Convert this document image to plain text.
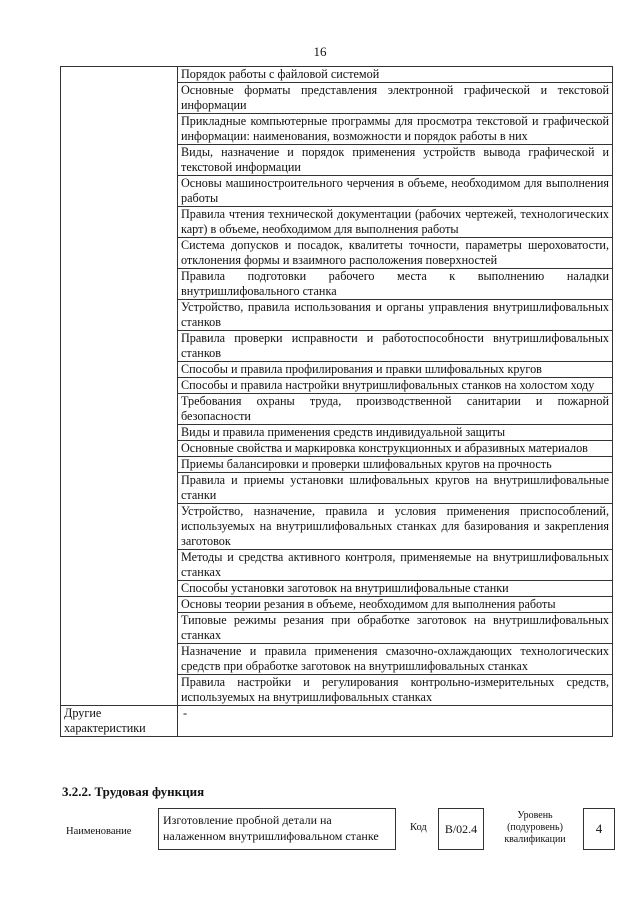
16
Порядок работы с файловой системой
Основные форматы представления электронной графической и текстовой информации
Прикладные компьютерные программы для просмотра текстовой и графической информации: наименования, возможности и порядок работы в них
Виды, назначение и порядок применения устройств вывода графической и текстовой информации
Основы машиностроительного черчения в объеме, необходимом для выполнения работы
Правила чтения технической документации (рабочих чертежей, технологических карт) в объеме, необходимом для выполнения работы
Система допусков и посадок, квалитеты точности, параметры шероховатости, отклонения формы и взаимного расположения поверхностей
Правила подготовки рабочего места к выполнению наладки внутришлифовального станка
Устройство, правила использования и органы управления внутришлифовальных станков
Правила проверки исправности и работоспособности внутришлифовальных станков
Способы и правила профилирования и правки шлифовальных кругов
Способы и правила настройки внутришлифовальных станков на холостом ходу
Требования охраны труда, производственной санитарии и пожарной безопасности
Виды и правила применения средств индивидуальной защиты
Основные свойства и маркировка конструкционных и абразивных материалов
Приемы балансировки и проверки шлифовальных кругов на прочность
Правила и приемы установки шлифовальных кругов на внутришлифовальные станки
Устройство, назначение, правила и условия применения приспособлений, используемых на внутришлифовальных станках для базирования и закрепления заготовок
Методы и средства активного контроля, применяемые на внутришлифовальных станках
Способы установки заготовок на внутришлифовальные станки
Основы теории резания в объеме, необходимом для выполнения работы
Типовые режимы резания при обработке заготовок на внутришлифовальных станках
Назначение и правила применения смазочно-охлаждающих технологических средств при обработке заготовок на внутришлифовальных станках
Правила настройки и регулирования контрольно-измерительных средств, используемых на внутришлифовальных станках
Другие характеристики
-
3.2.2. Трудовая функция
Наименование
Изготовление пробной детали на налаженном внутришлифовальном станке
Код	В/02.4
Уровень (подуровень) квалификации
4
